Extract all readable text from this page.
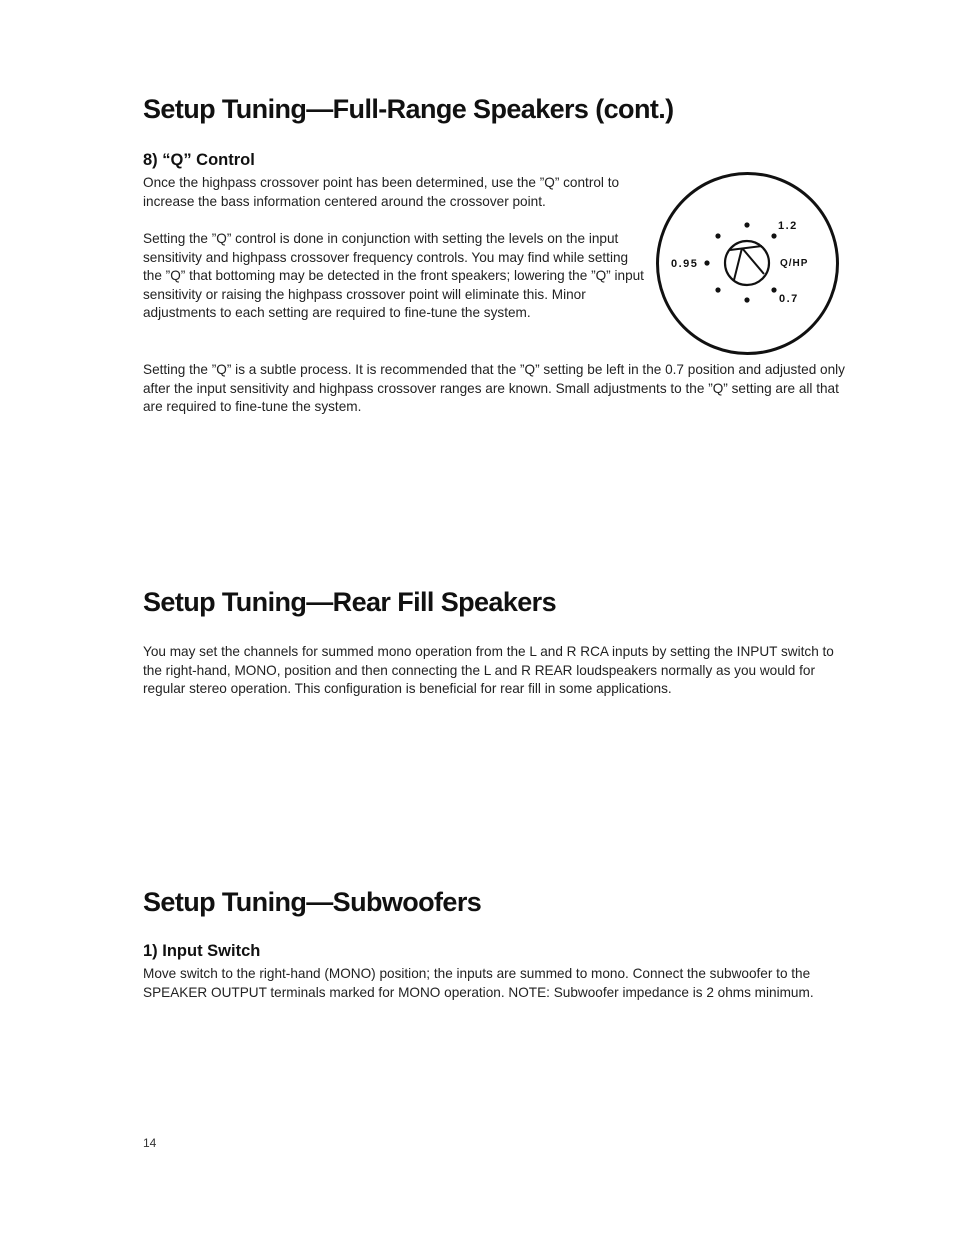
Setup Tuning—Full-Range Speakers (cont.)
8) “Q” Control

Once the highpass crossover point has been determined, use the ”Q” control to increase the bass information centered around the crossover point.

Setting the ”Q” control is done in conjunction with setting the levels on the input sensitivity and highpass crossover frequency controls. You may find while setting the ”Q” that bottoming may be detected in the front speakers; lowering the ”Q” input sensitivity or raising the highpass crossover point will eliminate this. Minor adjustments to each setting are required to fine-tune the system.

Setting the ”Q” is a subtle process. It is recommended that the ”Q” setting be left in the 0.7 position and adjusted only after the input sensitivity and highpass crossover ranges are known. Small adjustments to the ”Q” setting are all that are required to fine-tune the system.

0.95
1.2
Q/HP
0.7
Setup Tuning—Rear Fill Speakers

You may set the channels for summed mono operation from the L and R RCA inputs by setting the INPUT switch to the right-hand, MONO, position and then connecting the L and R REAR loudspeakers normally as you would for regular stereo operation. This configuration is beneficial for rear fill in some applications.

Setup Tuning—Subwoofers
1) Input Switch

Move switch to the right-hand (MONO) position; the inputs are summed to mono. Connect the subwoofer to the SPEAKER OUTPUT terminals marked for MONO operation. NOTE: Subwoofer impedance is 2 ohms minimum.

14
